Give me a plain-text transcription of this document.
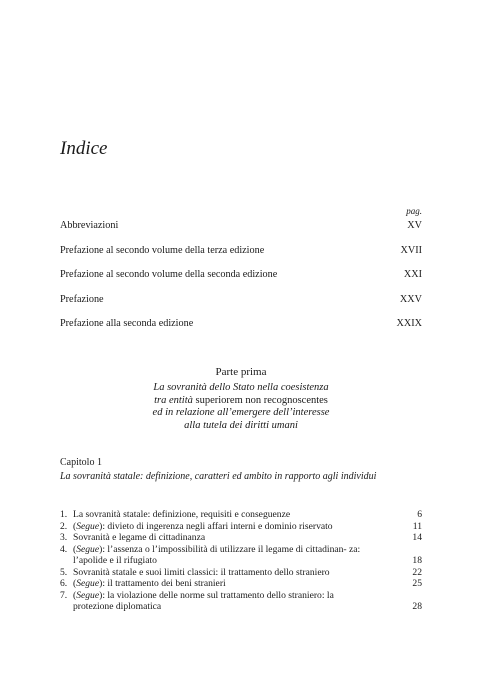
Indice
pag.
Abbreviazioni	XV
Prefazione al secondo volume della terza edizione	XVII
Prefazione al secondo volume della seconda edizione	XXI
Prefazione	XXV
Prefazione alla seconda edizione	XXIX
Parte prima
La sovranità dello Stato nella coesistenza
tra entità superiorem non recognoscentes
ed in relazione all’emergere dell’interesse
alla tutela dei diritti umani
Capitolo 1
La sovranità statale: definizione, caratteri ed ambito in rapporto agli individui
1. La sovranità statale: definizione, requisiti e conseguenze	6
2. (Segue): divieto di ingerenza negli affari interni e dominio riservato	11
3. Sovranità e legame di cittadinanza	14
4. (Segue): l’assenza o l’impossibilità di utilizzare il legame di cittadinan- za: l’apolide e il rifugiato	18
5. Sovranità statale e suoi limiti classici: il trattamento dello straniero	22
6. (Segue): il trattamento dei beni stranieri	25
7. (Segue): la violazione delle norme sul trattamento dello straniero: la protezione diplomatica	28
